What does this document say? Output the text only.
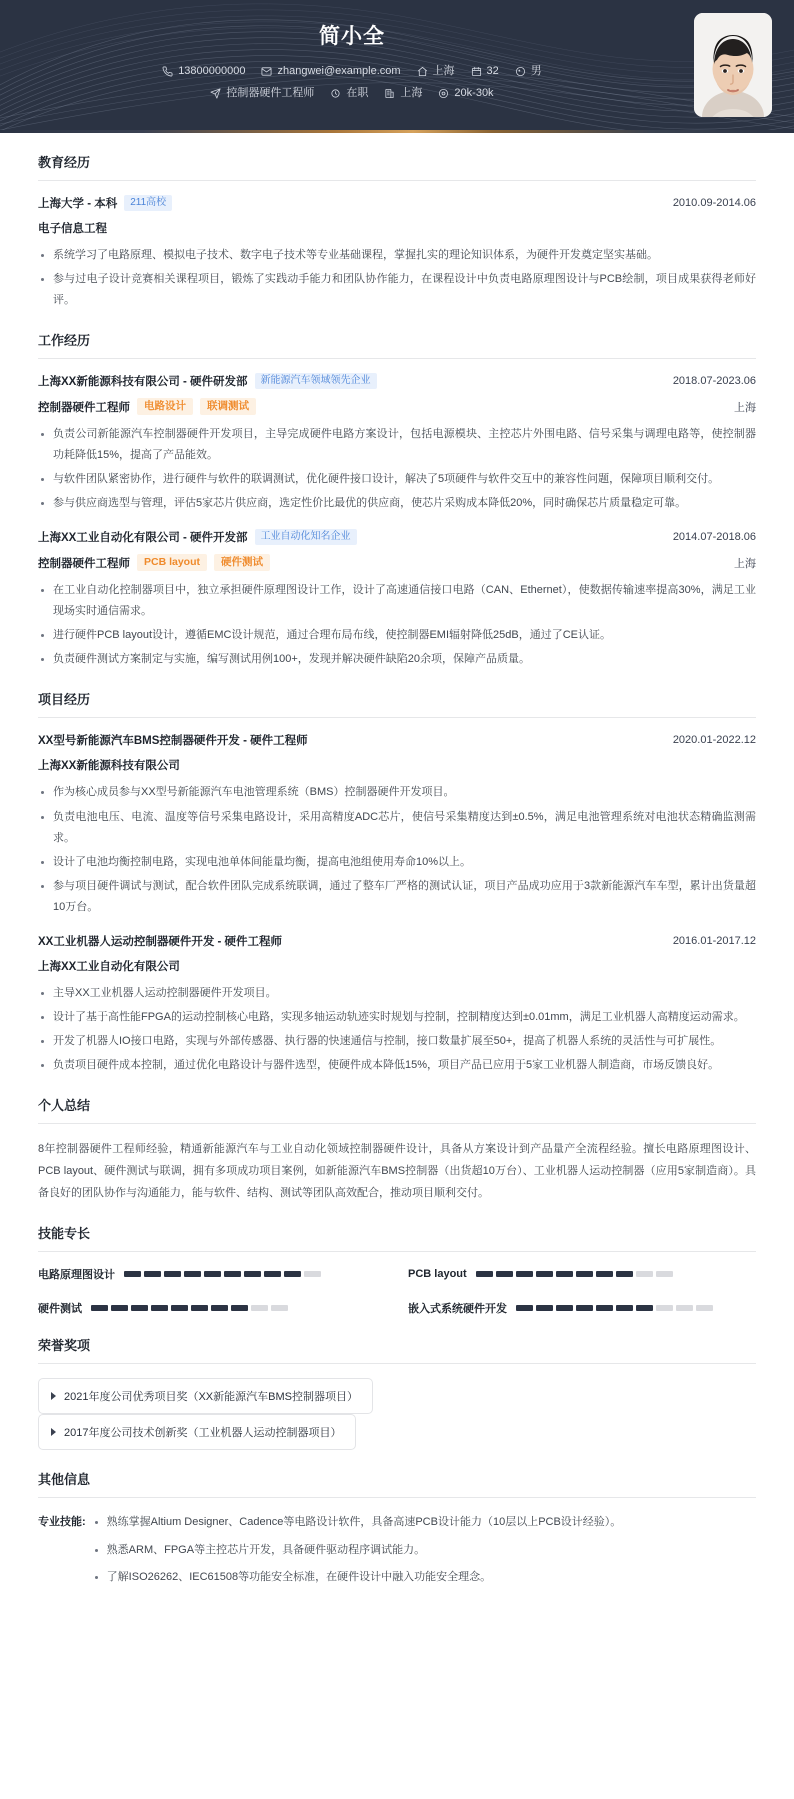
简小全
13800000000	zhangwei@example.com	上海	32	男
控制器硬件工程师	在职	上海	20k-30k
教育经历
上海大学 - 本科	211高校	2010.09-2014.06
电子信息工程
系统学习了电路原理、模拟电子技术、数字电子技术等专业基础课程，掌握扎实的理论知识体系，为硬件开发奠定坚实基础。
参与过电子设计竞赛相关课程项目，锻炼了实践动手能力和团队协作能力，在课程设计中负责电路原理图设计与PCB绘制，项目成果获得老师好评。
工作经历
上海XX新能源科技有限公司 - 硬件研发部	新能源汽车领域领先企业	2018.07-2023.06
控制器硬件工程师	电路设计	联调测试	上海
负责公司新能源汽车控制器硬件开发项目，主导完成硬件电路方案设计，包括电源模块、主控芯片外围电路、信号采集与调理电路等，使控制器功耗降低15%，提高了产品能效。
与软件团队紧密协作，进行硬件与软件的联调测试，优化硬件接口设计，解决了5项硬件与软件交互中的兼容性问题，保障项目顺利交付。
参与供应商选型与管理，评估5家芯片供应商，选定性价比最优的供应商，使芯片采购成本降低20%，同时确保芯片质量稳定可靠。
上海XX工业自动化有限公司 - 硬件开发部	工业自动化知名企业	2014.07-2018.06
控制器硬件工程师	PCB layout	硬件测试	上海
在工业自动化控制器项目中，独立承担硬件原理图设计工作，设计了高速通信接口电路（CAN、Ethernet），使数据传输速率提高30%，满足工业现场实时通信需求。
进行硬件PCB layout设计，遵循EMC设计规范，通过合理布局布线，使控制器EMI辐射降低25dB，通过了CE认证。
负责硬件测试方案制定与实施，编写测试用例100+，发现并解决硬件缺陷20余项，保障产品质量。
项目经历
XX型号新能源汽车BMS控制器硬件开发 - 硬件工程师	2020.01-2022.12
上海XX新能源科技有限公司
作为核心成员参与XX型号新能源汽车电池管理系统（BMS）控制器硬件开发项目。
负责电池电压、电流、温度等信号采集电路设计，采用高精度ADC芯片，使信号采集精度达到±0.5%，满足电池管理系统对电池状态精确监测需求。
设计了电池均衡控制电路，实现电池单体间能量均衡，提高电池组使用寿命10%以上。
参与项目硬件调试与测试，配合软件团队完成系统联调，通过了整车厂严格的测试认证，项目产品成功应用于3款新能源汽车车型，累计出货量超10万台。
XX工业机器人运动控制器硬件开发 - 硬件工程师	2016.01-2017.12
上海XX工业自动化有限公司
主导XX工业机器人运动控制器硬件开发项目。
设计了基于高性能FPGA的运动控制核心电路，实现多轴运动轨迹实时规划与控制，控制精度达到±0.01mm，满足工业机器人高精度运动需求。
开发了机器人IO接口电路，实现与外部传感器、执行器的快速通信与控制，接口数量扩展至50+，提高了机器人系统的灵活性与可扩展性。
负责项目硬件成本控制，通过优化电路设计与器件选型，使硬件成本降低15%，项目产品已应用于5家工业机器人制造商，市场反馈良好。
个人总结
8年控制器硬件工程师经验，精通新能源汽车与工业自动化领域控制器硬件设计，具备从方案设计到产品量产全流程经验。擅长电路原理图设计、PCB layout、硬件测试与联调，拥有多项成功项目案例，如新能源汽车BMS控制器（出货超10万台）、工业机器人运动控制器（应用5家制造商）。具备良好的团队协作与沟通能力，能与软件、结构、测试等团队高效配合，推动项目顺利交付。
技能专长
电路原理图设计	PCB layout
硬件测试	嵌入式系统硬件开发
荣誉奖项
2021年度公司优秀项目奖（XX新能源汽车BMS控制器项目）
2017年度公司技术创新奖（工业机器人运动控制器项目）
其他信息
专业技能:	熟练掌握Altium Designer、Cadence等电路设计软件，具备高速PCB设计能力（10层以上PCB设计经验）。
熟悉ARM、FPGA等主控芯片开发，具备硬件驱动程序调试能力。
了解ISO26262、IEC61508等功能安全标准，在硬件设计中融入功能安全理念。
